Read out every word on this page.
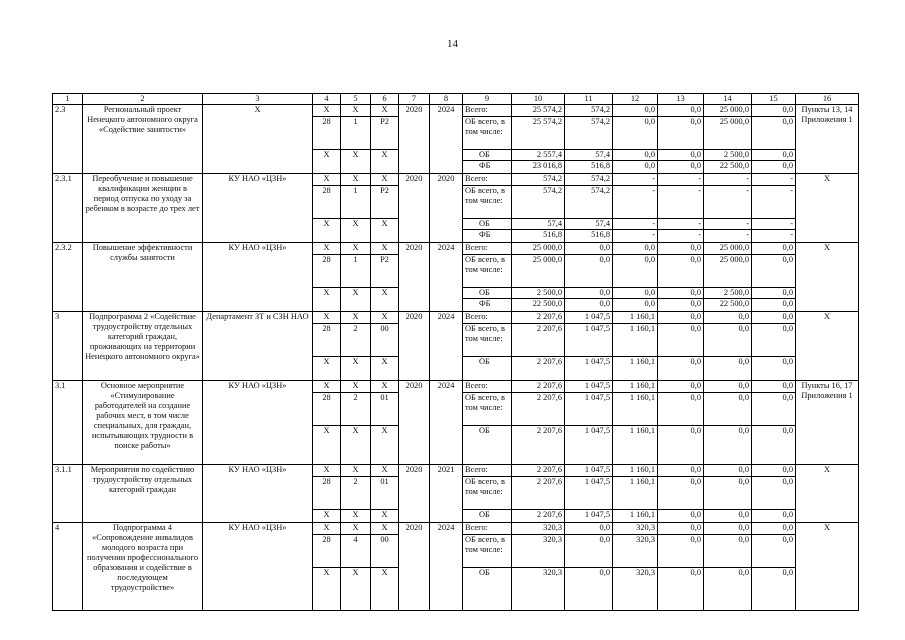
14
1	2	3	4	5	6	7	8	9	10	11	12	13	14	15	16
2.3	Региональный проект Ненецкого автономного округа «Содействие занятости»	Х	Х	Х	Х	2020	2024	Всего:	25 574,2	574,2	0,0	0,0	25 000,0	0,0	Пункты 13, 14 Приложения 1
			28	1	Р2			ОБ всего, в том числе:	25 574,2	574,2	0,0	0,0	25 000,0	0,0	
			Х	Х	Х			ОБ	2 557,4	57,4	0,0	0,0	2 500,0	0,0	
								ФБ	23 016,8	516,8	0,0	0,0	22 500,0	0,0	
2.3.1	Переобучение и повышение квалификации женщин в период отпуска по уходу за ребенком в возрасте до трех лет	КУ НАО «ЦЗН»	Х	Х	Х	2020	2020	Всего:	574,2	574,2	-	-	-	-	Х
			28	1	Р2			ОБ всего, в том числе:	574,2	574,2	-	-	-	-	
			Х	Х	Х			ОБ	57,4	57,4	-	-	-	-	
								ФБ	516,8	516,8	-	-	-	-	
2.3.2	Повышение эффективности службы занятости	КУ НАО «ЦЗН»	Х	Х	Х	2020	2024	Всего:	25 000,0	0,0	0,0	0,0	25 000,0	0,0	Х
			28	1	Р2			ОБ всего, в том числе:	25 000,0	0,0	0,0	0,0	25 000,0	0,0	
			Х	Х	Х			ОБ	2 500,0	0,0	0,0	0,0	2 500,0	0,0	
								ФБ	22 500,0	0,0	0,0	0,0	22 500,0	0,0	
3	Подпрограмма 2 «Содействие трудоустройству отдельных категорий граждан, проживающих на территории Ненецкого автономного округа»	Департамент ЗТ и СЗН НАО	Х	Х	Х	2020	2024	Всего:	2 207,6	1 047,5	1 160,1	0,0	0,0	0,0	Х
			28	2	00			ОБ всего, в том числе:	2 207,6	1 047,5	1 160,1	0,0	0,0	0,0	
			Х	Х	Х			ОБ	2 207,6	1 047,5	1 160,1	0,0	0,0	0,0	
3.1	Основное мероприятие «Стимулирование работодателей на создание рабочих мест, в том числе специальных, для граждан, испытывающих трудности в поиске работы»	КУ НАО «ЦЗН»	Х	Х	Х	2020	2024	Всего:	2 207,6	1 047,5	1 160,1	0,0	0,0	0,0	Пункты 16, 17 Приложения 1
			28	2	01			ОБ всего, в том числе:	2 207,6	1 047,5	1 160,1	0,0	0,0	0,0	
			Х	Х	Х			ОБ	2 207,6	1 047,5	1 160,1	0,0	0,0	0,0	
3.1.1	Мероприятия по содействию трудоустройству отдельных категорий граждан	КУ НАО «ЦЗН»	Х	Х	Х	2020	2021	Всего:	2 207,6	1 047,5	1 160,1	0,0	0,0	0,0	Х
			28	2	01			ОБ всего, в том числе:	2 207,6	1 047,5	1 160,1	0,0	0,0	0,0	
			Х	Х	Х			ОБ	2 207,6	1 047,5	1 160,1	0,0	0,0	0,0	
4	Подпрограмма 4 «Сопровождение инвалидов молодого возраста при получении профессионального образования и содействие в последующем трудоустройстве»	КУ НАО «ЦЗН»	Х	Х	Х	2020	2024	Всего:	320,3	0,0	320,3	0,0	0,0	0,0	Х
			28	4	00			ОБ всего, в том числе:	320,3	0,0	320,3	0,0	0,0	0,0	
			Х	Х	Х			ОБ	320,3	0,0	320,3	0,0	0,0	0,0	
